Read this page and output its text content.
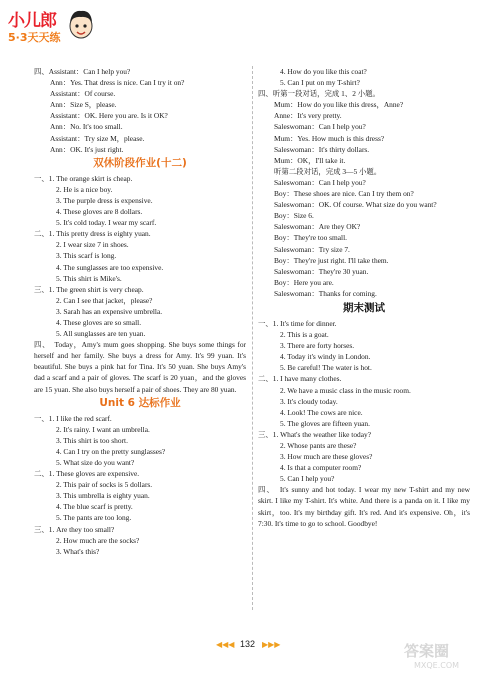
小儿郎
5·3天天练
四、Assistant：Can I help you?
Ann：Yes. That dress is nice. Can I try it on?
Assistant：Of course.
Ann：Size S，please.
Assistant：OK. Here you are. Is it OK?
Ann：No. It's too small.
Assistant：Try size M，please.
Ann：OK. It's just right.
双休阶段作业(十二)
一、1. The orange skirt is cheap.
2. He is a nice boy.
3. The purple dress is expensive.
4. These gloves are 8 dollars.
5. It's cold today. I wear my scarf.
二、1. This pretty dress is eighty yuan.
2. I wear size 7 in shoes.
3. This scarf is long.
4. The sunglasses are too expensive.
5. This shirt is Mike's.
三、1. The green shirt is very cheap.
2. Can I see that jacket，please?
3. Sarah has an expensive umbrella.
4. These gloves are so small.
5. All sunglasses are ten yuan.
四、　Today，Amy's mum goes shopping. She buys some things for herself and her family. She buys a dress for Amy. It's 99 yuan. It's beautiful. She buys a pink hat for Tina. It's 50 yuan. She buys Amy's dad a scarf and a pair of gloves. The scarf is 20 yuan，and the gloves are 15 yuan. She also buys herself a pair of shoes. They are 80 yuan.
Unit 6 达标作业
一、1. I like the red scarf.
2. It's rainy. I want an umbrella.
3. This shirt is too short.
4. Can I try on the pretty sunglasses?
5. What size do you want?
二、1. These gloves are expensive.
2. This pair of socks is 5 dollars.
3. This umbrella is eighty yuan.
4. The blue scarf is pretty.
5. The pants are too long.
三、1. Are they too small?
2. How much are the socks?
3. What's this?
4. How do you like this coat?
5. Can I put on my T-shirt?
四、听第一段对话，完成 1、2 小题。
Mum：How do you like this dress，Anne?
Anne：It's very pretty.
Saleswoman：Can I help you?
Mum：Yes. How much is this dress?
Saleswoman：It's thirty dollars.
Mum：OK，I'll take it.
听第二段对话，完成 3—5 小题。
Saleswoman：Can I help you?
Boy：These shoes are nice. Can I try them on?
Saleswoman：OK. Of course. What size do you want?
Boy：Size 6.
Saleswoman：Are they OK?
Boy：They're too small.
Saleswoman：Try size 7.
Boy：They're just right. I'll take them.
Saleswoman：They're 30 yuan.
Boy：Here you are.
Saleswoman：Thanks for coming.
期末测试
一、1. It's time for dinner.
2. This is a goat.
3. There are forty horses.
4. Today it's windy in London.
5. Be careful! The water is hot.
二、1. I have many clothes.
2. We have a music class in the music room.
3. It's cloudy today.
4. Look! The cows are nice.
5. The gloves are fifteen yuan.
三、1. What's the weather like today?
2. Whose pants are these?
3. How much are these gloves?
4. Is that a computer room?
5. Can I help you?
四、　It's sunny and hot today. I wear my new T-shirt and my new skirt. I like my T-shirt. It's white. And there is a panda on it. I like my skirt，too. It's my birthday gift. It's red. And it's expensive. Oh，it's 7:30. It's time to go to school. Goodbye!
◀◀◀ 132 ▶▶▶	答案圈
MXQE.COM
